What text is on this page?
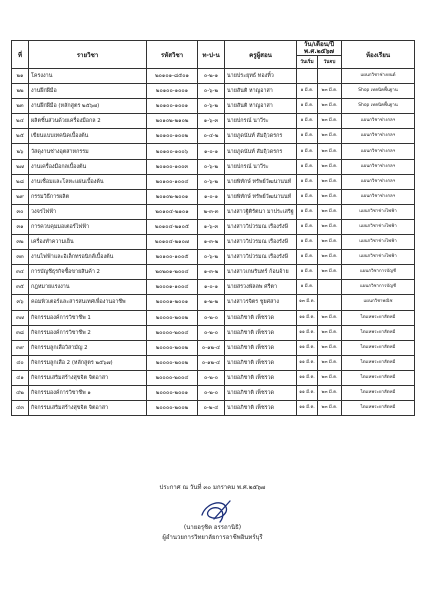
ที่	รายวิชา	รหัสวิชา	ท-ป-น	ครูผู้สอน	วัน/เดือน/ปี
พ.ศ.๒๕๖๗		ห้องเรียน
					วันเริ่ม	วันจบ	
๒๑	โครงงาน	๒๐๑๐๑-๘๕๐๑	๐-๒-๑	นายประยุทธ์ ทองทิ้ว			แผนกวิชาช่างยนต์
๒๒	งานฝึกฝีมือ	๒๐๑๐๐-๑๐๐๑	๐-๖-๒	นายสันติ หาญอาสา	๑ มี.ค.	๒๓ มี.ค.	Shop เทคนิคพื้นฐาน
๒๓	งานฝึกฝีมือ (หลักสูตร ๒๕๖๗)	๒๐๑๐๐-๑๐๐๑	๐-๖-๒	นายสันติ หาญอาสา	๑ มี.ค.	๒๓ มี.ค.	Shop เทคนิคพื้นฐาน
๒๔	ผลิตชิ้นส่วนด้วยเครื่องมือกล 2	๒๐๑๐๒-๒๑๐๒	๑-๖-๓	นายปกรณ์ นาวีระ	๑ มี.ค.	๒๓ มี.ค.	แผนกวิชาช่างกลฯ
๒๕	เขียนแบบเทคนิคเบื้องต้น	๒๐๑๐๐-๑๐๐๒	๐-๔-๒	นายภูดนันท์ สัมฤิวดรกร	๑ มี.ค.	๒๓ มี.ค.	แผนกวิชาช่างกลฯ
๒๖	วัสดุงานช่างอุตสาหกรรม	๒๐๑๐๐-๑๐๐๖	๑-๐-๑	นายภูดนันท์ สัมฤิวดรกร	๑ มี.ค.	๒๓ มี.ค.	แผนกวิชาช่างกลฯ
๒๗	งานเครื่องมือกลเบื้องต้น	๒๐๑๐๐-๑๐๐๓	๐-๖-๒	นายปกรณ์ นาวีระ	๑ มี.ค.	๒๓ มี.ค.	แผนกวิชาช่างกลฯ
๒๘	งานเชื่อมและโลหะแผ่นเบื้องต้น	๒๐๑๐๐-๑๐๐๔	๐-๖-๒	นายพิทักษ์ ทรัพย์วัฒนานนท์	๑ มี.ค.	๒๓ มี.ค.	แผนกวิชาช่างกลฯ
๒๙	กรรมวิธีการผลิต	๒๐๑๐๒-๒๐๐๑	๑-๐-๑	นายพิทักษ์ ทรัพย์วัฒนานนท์	๑ มี.ค.	๒๓ มี.ค.	แผนกวิชาช่างกลฯ
๓๐	วงจรไฟฟ้า	๒๐๑๐๔-๒๑๐๑	๒-๓-๓	นางสาวฐิติรัตนา มาประเสริฐ	๑ มี.ค.	๒๓ มี.ค.	แผนกวิชาช่างไฟฟ้า
๓๑	การควบคุมมอเตอร์ไฟฟ้า	๒๐๑๐๔-๒๑๐๕	๑-๖-๓	นางสาววิปวรมณ เรืองรังษี	๑ มี.ค.	๒๓ มี.ค.	แผนกวิชาช่างไฟฟ้า
๓๒	เครื่องทำความเย็น	๒๐๑๐๔-๒๑๐๗	๑-๓-๒	นางสาววิปวรมณ เรืองรังษี	๑ มี.ค.	๒๓ มี.ค.	แผนกวิชาช่างไฟฟ้า
๓๓	งานไฟฟ้าและอิเล็กทรอนิกส์เบื้องต้น	๒๐๑๐๐-๑๐๐๕	๐-๖-๒	นางสาววิปวรมณ เรืองรังษี	๑ มี.ค.	๒๓ มี.ค.	แผนกวิชาช่างไฟฟ้า
๓๔	การบัญชีธุรกิจซื้อขายสินค้า 2	๒๐๒๐๑-๒๐๐๔	๑-๓-๒	นางสาวเกษรินทร์ ก้อนจ้าย	๑ มี.ค.	๒๓ มี.ค.	แผนกวิชาการบัญชี
๓๕	กฎหมายแรงงาน	๒๐๐๐๑-๑๐๐๔	๑-๐-๑	นายสรวงพัลลพ ศรีตา	๑ มี.ค.		แผนกวิชาการบัญชี
๓๖	คอมพิวเตอร์และสารสนเทศเพื่องานอาชีพ	๒๐๐๐๑-๒๐๐๑	๑-๒-๒	นางสาวรจิตร ชูยศสาง	๑๓ มี.ค.		แผนกวิชาพณิช
๓๗	กิจกรรมองค์การวิชาชีพ 1	๒๐๐๐๐-๒๐๐๒	๐-๒-๐	นายอภิชาติ เพ็ชรวด	๑๑ มี.ค.	๒๓ มี.ค.	ไตแหพระยาสัตหมี
๓๘	กิจกรรมองค์การวิชาชีพ 2	๒๐๐๐๐-๒๐๐๔	๐-๒-๐	นายอภิชาติ เพ็ชรวด	๑๑ มี.ค.	๒๓ มี.ค.	ไตแหพระยาสัตหมี
๓๙	กิจกรรมลูกเสือวิสามัญ 2	๒๐๐๐๐-๒๐๐๒	๐-๑๒-๔	นายอภิชาติ เพ็ชรวด	๑๑ มี.ค.	๒๓ มี.ค.	ไตแหพระยาสัตหมี
๔๐	กิจกรรมลูกเสือ 2 (หลักสูตร ๒๕๖๗)	๒๐๐๐๐-๒๐๐๒	๐-๑๒-๔	นายอภิชาติ เพ็ชรวด	๑๑ มี.ค.	๒๓ มี.ค.	ไตแหพระยาสัตหมี
๔๑	กิจกรรมเสริมสร้างสุขจิต จิตอาสา	๒๐๐๐๐-๒๐๐๔	๐-๒-๐	นายอภิชาติ เพ็ชรวด	๑๑ มี.ค.	๒๓ มี.ค.	ไตแหพระยาสัตหมี
๔๒	กิจกรรมองค์การวิชาชีพ ๑	๒๐๐๐๐-๒๐๐๑	๐-๒-๐	นายอภิชาติ เพ็ชรวด	๑๑ มี.ค.	๒๓ มี.ค.	ไตแหพระยาสัตหมี
๔๓	กิจกรรมเสริมสร้างสุขจิต จิตอาสา	๒๐๐๐๐-๒๐๐๒	๐-๒-๔	นายอภิชาติ เพ็ชรวด	๑๑ มี.ค.	๒๓ มี.ค.	ไตแหพระยาสัตหมี
ประกาศ ณ วันที่ ๓๐ มกราคม พ.ศ.๒๕๖๗
(นายอรุชิต อรรถานิธิ)
ผู้อำนวยการวิทยาลัยการอาชีพอินทร์บุรี
